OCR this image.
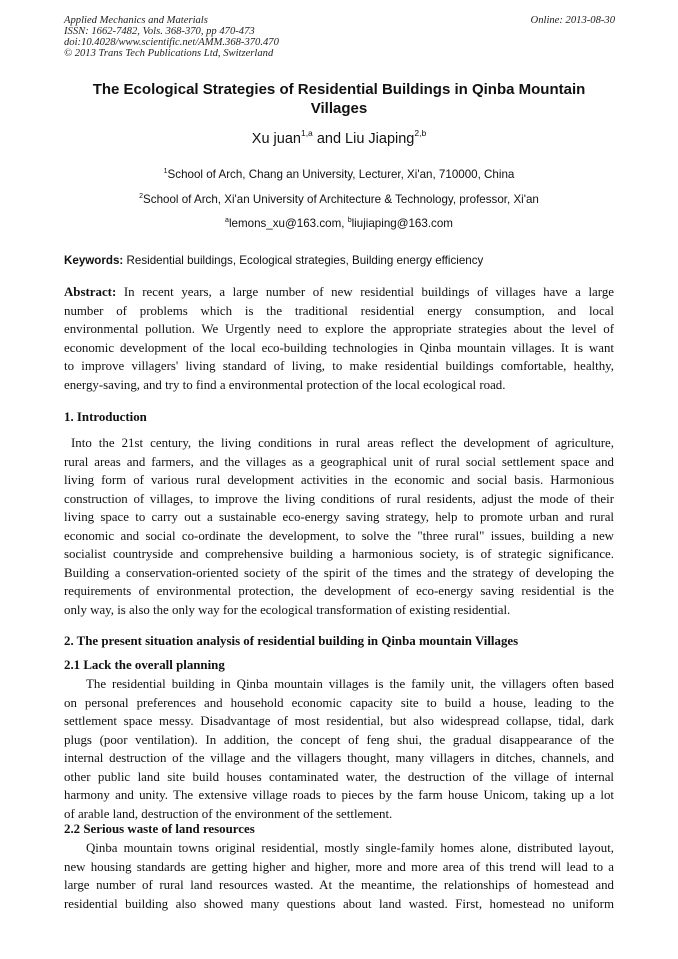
Applied Mechanics and Materials
ISSN: 1662-7482, Vols. 368-370, pp 470-473
doi:10.4028/www.scientific.net/AMM.368-370.470
© 2013 Trans Tech Publications Ltd, Switzerland
Online: 2013-08-30
The Ecological Strategies of Residential Buildings in Qinba Mountain
Villages
Xu juan$^{1,a}$ and Liu Jiaping$^{2,b}$
$^1$School of Arch, Chang an University, Lecturer, Xi'an, 710000, China
$^2$School of Arch, Xi'an University of Architecture & Technology, professor, Xi'an
$^a$lemons_xu@163.com, $^b$liujiaping@163.com
Keywords: Residential buildings, Ecological strategies, Building energy efficiency
Abstract: In recent years, a large number of new residential buildings of villages have a large
number of problems which is the traditional residential energy consumption, and local
environmental pollution. We Urgently need to explore the appropriate strategies about the level of
economic development of the local eco-building technologies in Qinba mountain villages. It is want
to improve villagers' living standard of living, to make residential buildings comfortable, healthy,
energy-saving, and try to find a environmental protection of the local ecological road.
1. Introduction
Into the 21st century, the living conditions in rural areas reflect the development of agriculture,
rural areas and farmers, and the villages as a geographical unit of rural social settlement space and
living form of various rural development activities in the economic and social basis. Harmonious
construction of villages, to improve the living conditions of rural residents, adjust the mode of their
living space to carry out a sustainable eco-energy saving strategy, help to promote urban and rural
economic and social co-ordinate the development, to solve the "three rural" issues, building a new
socialist countryside and comprehensive building a harmonious society, is of strategic significance.
Building a conservation-oriented society of the spirit of the times and the strategy of developing the
requirements of environmental protection, the development of eco-energy saving residential is the
only way, is also the only way for the ecological transformation of existing residential.
2. The present situation analysis of residential building in Qinba mountain Villages
2.1 Lack the overall planning
The residential building in Qinba mountain villages is the family unit, the villagers often based
on personal preferences and household economic capacity site to build a house, leading to the
settlement space messy. Disadvantage of most residential, but also widespread collapse, tidal, dark
plugs (poor ventilation). In addition, the concept of feng shui, the gradual disappearance of the
internal destruction of the village and the villagers thought, many villagers in ditches, channels, and
other public land site build houses contaminated water, the destruction of the village of internal
harmony and unity. The extensive village roads to pieces by the farm house Unicom, taking up a lot
of arable land, destruction of the environment of the settlement.
2.2 Serious waste of land resources
Qinba mountain towns original residential, mostly single-family homes alone, distributed layout,
new housing standards are getting higher and higher, more and more area of this trend will lead to a
large number of rural land resources wasted. At the meantime, the relationships of homestead and
residential building also showed many questions about land wasted. First, homestead no uniform
